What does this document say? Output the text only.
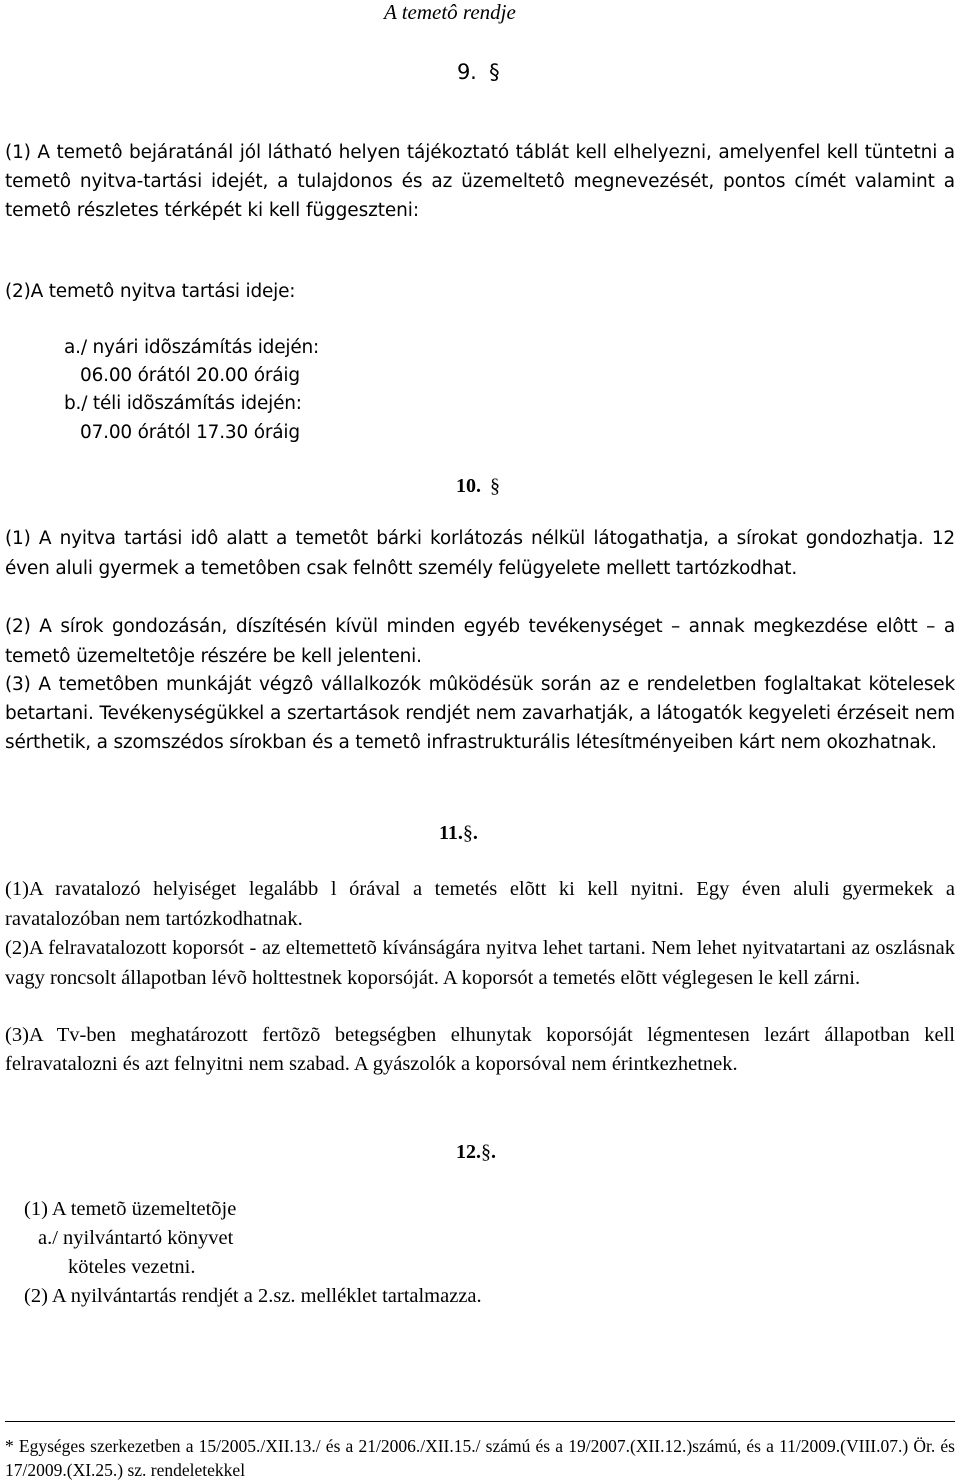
A temetô rendje
9. §
(1) A temetô bejáratánál jól látható helyen tájékoztató táblát kell elhelyezni, amelyenfel kell tüntetni a temetô nyitva-tartási idejét, a tulajdonos és az üzemeltetô megnevezését, pontos címét valamint a temetô részletes térképét ki kell függeszteni:
(2)A temetô nyitva tartási ideje:
a./ nyári idõszámítás idején:
06.00 órától 20.00 óráig
b./ téli idõszámítás idején:
07.00 órától 17.30 óráig
10. §
(1) A nyitva tartási idô alatt a temetôt bárki korlátozás nélkül látogathatja, a sírokat gondozhatja. 12 éven aluli gyermek a temetôben csak felnôtt személy felügyelete mellett tartózkodhat.
(2) A sírok gondozásán, díszítésén kívül minden egyéb tevékenységet – annak megkezdése elôtt – a temetô üzemeltetôje részére be kell jelenteni.
(3) A temetôben munkáját végzô vállalkozók mûködésük során az e rendeletben foglaltakat kötelesek betartani. Tevékenységükkel a szertartások rendjét nem zavarhatják, a látogatók kegyeleti érzéseit nem sérthetik, a szomszédos sírokban és a temetô infrastrukturális létesítményeiben kárt nem okozhatnak.
11.§.
(1)A ravatalozó helyiséget legalább l órával a temetés elõtt ki kell nyitni. Egy éven aluli gyermekek a ravatalozóban nem tartózkodhatnak.
(2)A felravatalozott koporsót - az eltemettetõ kívánságára nyitva lehet tartani. Nem lehet nyitvatartani az oszlásnak vagy roncsolt állapotban lévõ holttestnek koporsóját. A koporsót a temetés elõtt véglegesen le kell zárni.
(3)A Tv-ben meghatározott fertõzõ betegségben elhunytak koporsóját légmentesen lezárt állapotban kell felravatalozni és azt felnyitni nem szabad. A gyászolók a koporsóval nem érintkezhetnek.
12.§.
(1) A temetõ üzemeltetõje
a./ nyilvántartó könyvet
köteles vezetni.
(2) A nyilvántartás rendjét a 2.sz. melléklet tartalmazza.
* Egységes szerkezetben a 15/2005./XII.13./ és a 21/2006./XII.15./ számú és a 19/2007.(XII.12.)számú, és a 11/2009.(VIII.07.) Ör. és 17/2009.(XI.25.) sz. rendeletekkel
